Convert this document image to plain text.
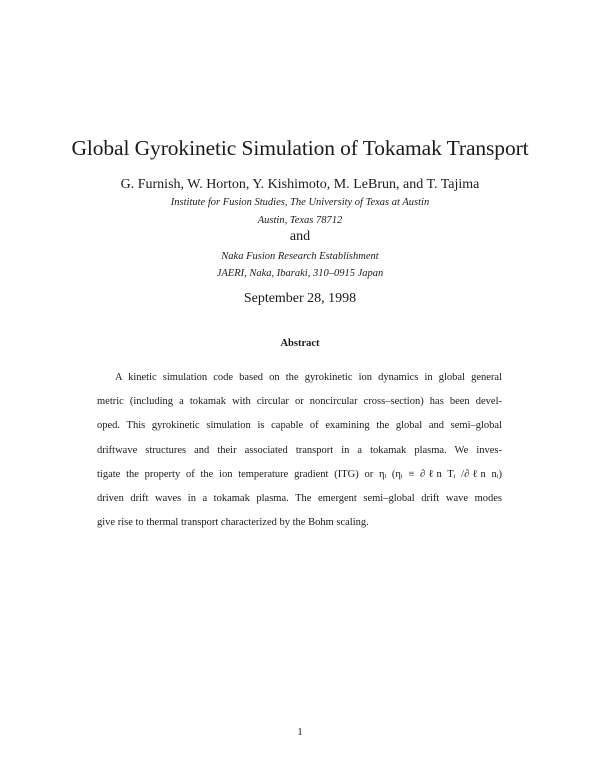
Global Gyrokinetic Simulation of Tokamak Transport
G. Furnish, W. Horton, Y. Kishimoto, M. LeBrun, and T. Tajima
Institute for Fusion Studies, The University of Texas at Austin
Austin, Texas 78712
and
Naka Fusion Research Establishment
JAERI, Naka, Ibaraki, 310–0915 Japan
September 28, 1998
Abstract
A kinetic simulation code based on the gyrokinetic ion dynamics in global general
metric (including a tokamak with circular or noncircular cross–section) has been devel-
oped. This gyrokinetic simulation is capable of examining the global and semi–global
driftwave structures and their associated transport in a tokamak plasma. We inves-
tigate the property of the ion temperature gradient (ITG) or ηᵢ (ηᵢ ≡ ∂ℓn Tᵢ /∂ℓn nᵢ)
driven drift waves in a tokamak plasma. The emergent semi–global drift wave modes
give rise to thermal transport characterized by the Bohm scaling.
1
